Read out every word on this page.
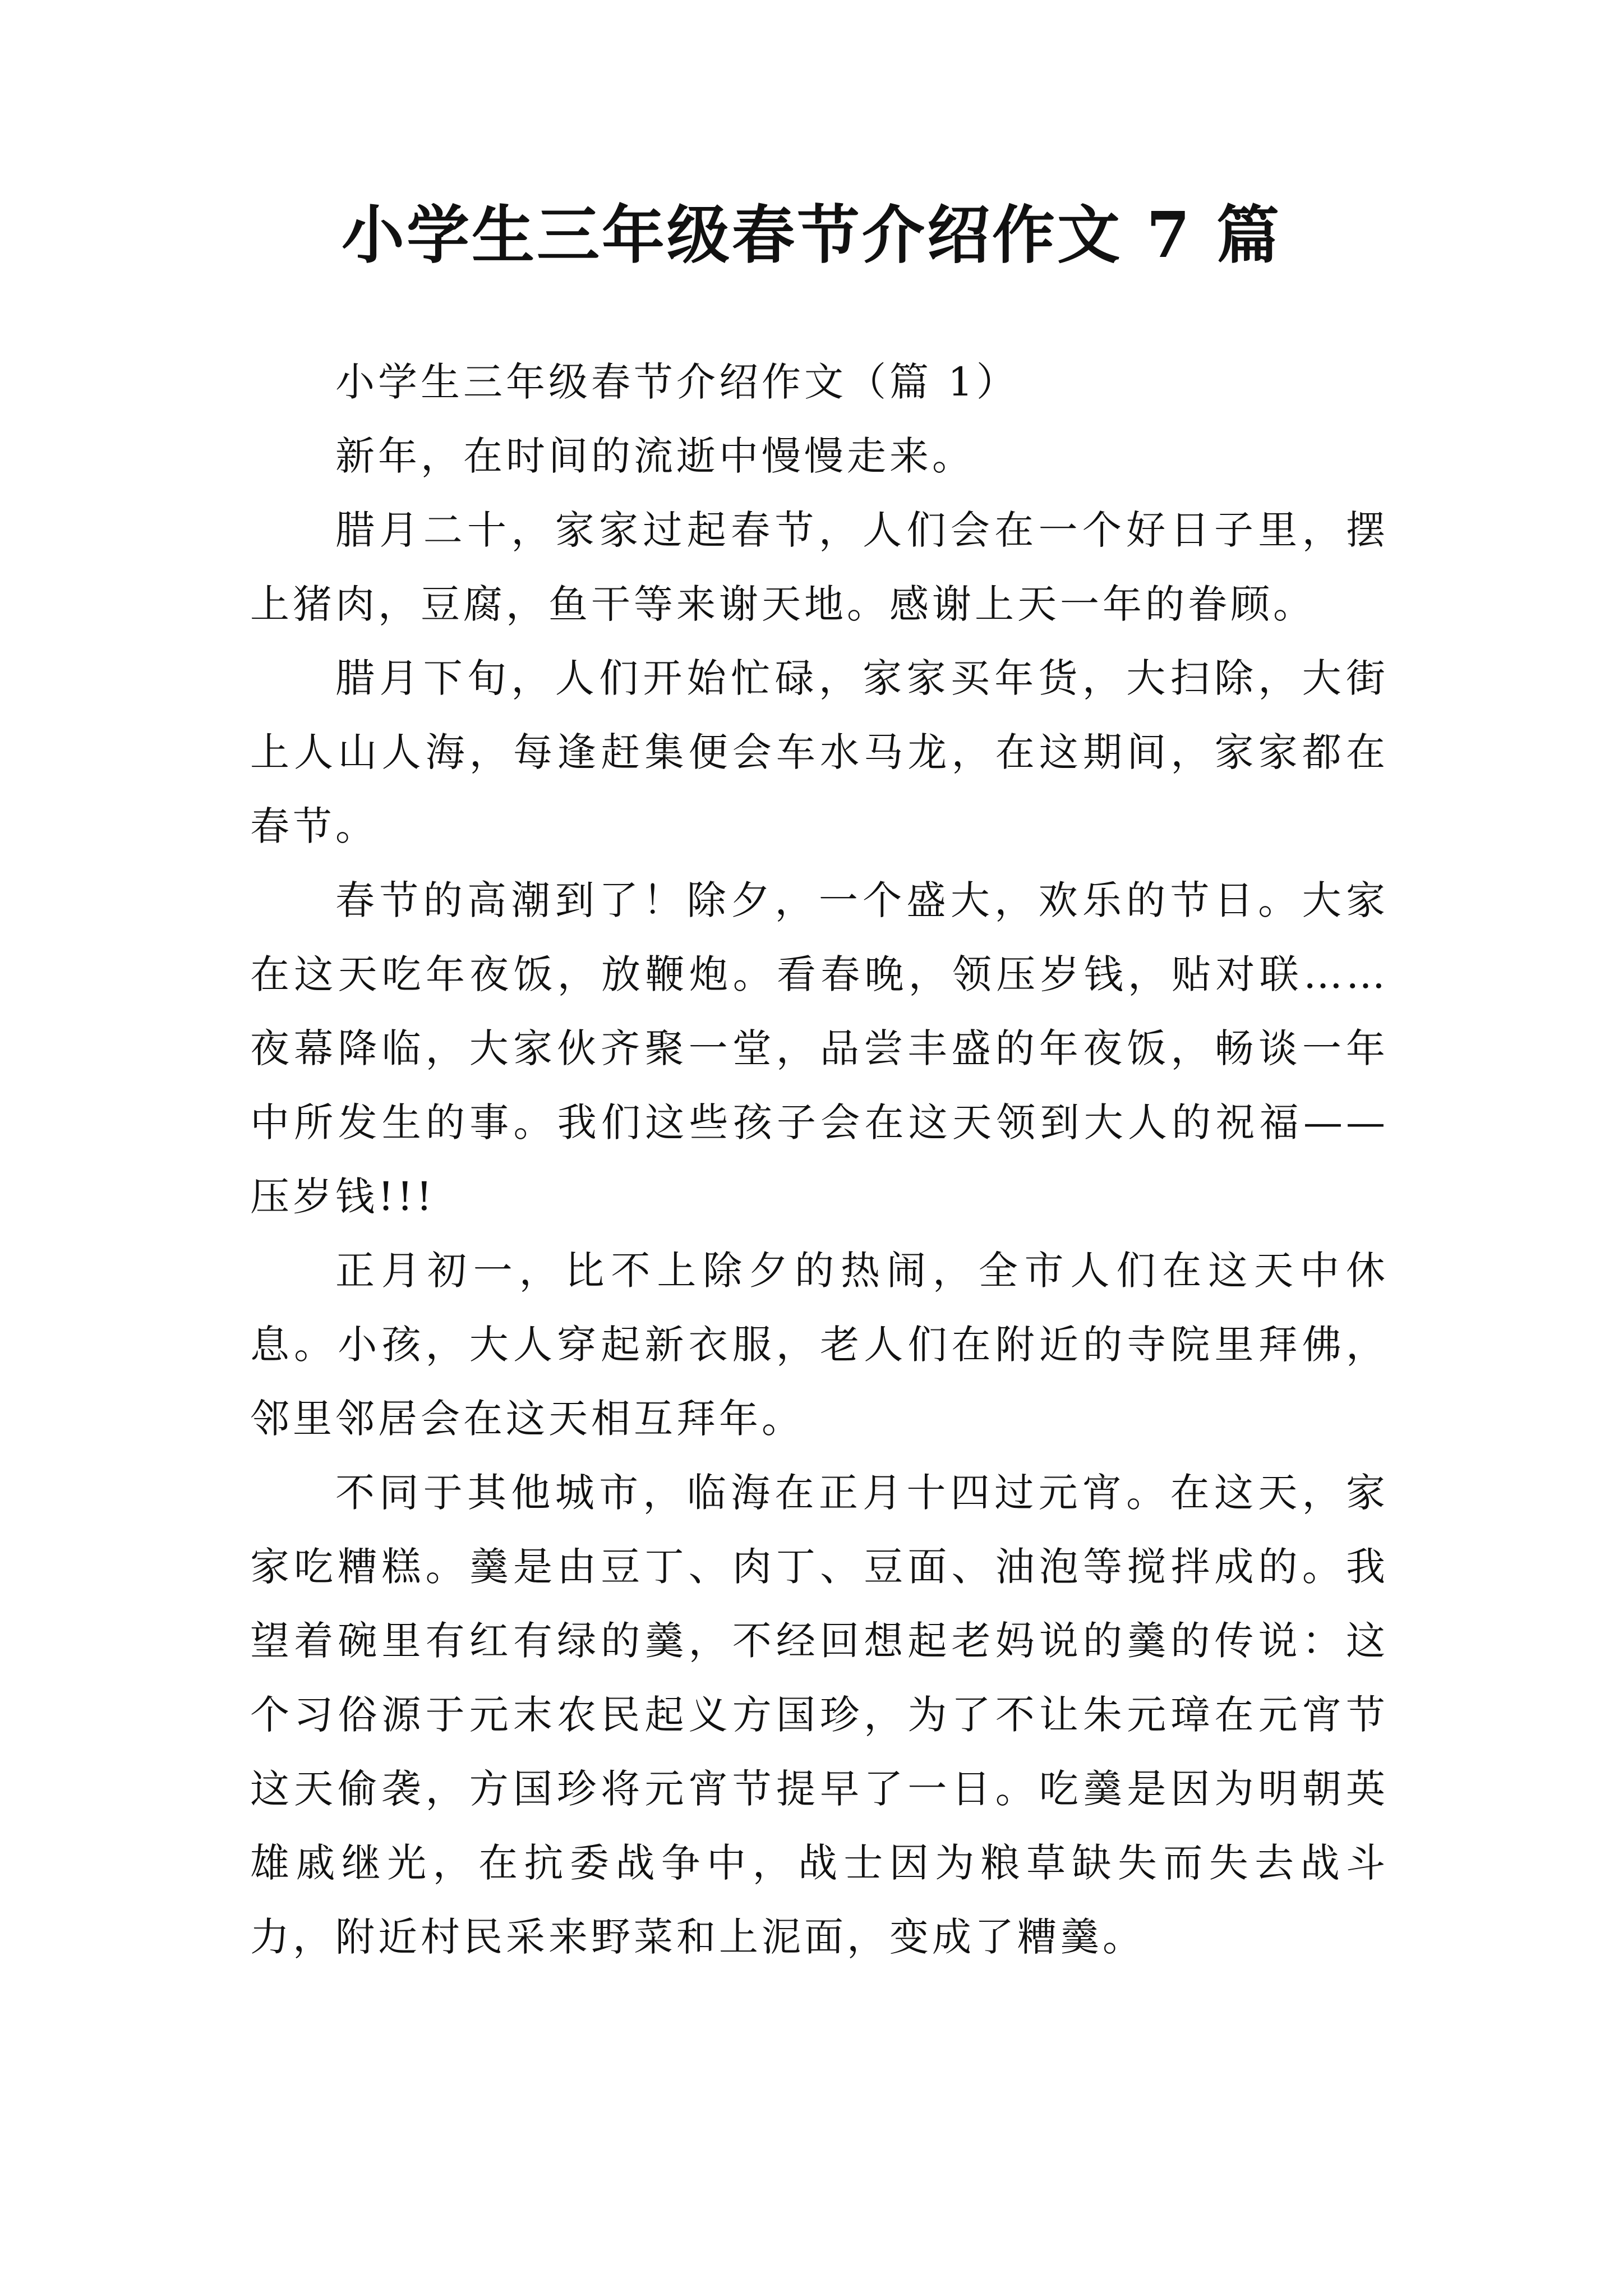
小学生三年级春节介绍作文 7 篇

小学生三年级春节介绍作文（篇 1）

新年，在时间的流逝中慢慢走来。

腊月二十，家家过起春节，人们会在一个好日子里，摆上猪肉，豆腐，鱼干等来谢天地。感谢上天一年的眷顾。

腊月下旬，人们开始忙碌，家家买年货，大扫除，大街上人山人海，每逢赶集便会车水马龙，在这期间，家家都在春节。

春节的高潮到了！除夕，一个盛大，欢乐的节日。大家在这天吃年夜饭，放鞭炮。看春晚，领压岁钱，贴对联……夜幕降临，大家伙齐聚一堂，品尝丰盛的年夜饭，畅谈一年中所发生的事。我们这些孩子会在这天领到大人的祝福——压岁钱!!!

正月初一，比不上除夕的热闹，全市人们在这天中休息。小孩，大人穿起新衣服，老人们在附近的寺院里拜佛，邻里邻居会在这天相互拜年。

不同于其他城市，临海在正月十四过元宵。在这天，家家吃糟糕。羹是由豆丁、肉丁、豆面、油泡等搅拌成的。我望着碗里有红有绿的羹，不经回想起老妈说的羹的传说：这个习俗源于元末农民起义方国珍，为了不让朱元璋在元宵节这天偷袭，方国珍将元宵节提早了一日。吃羹是因为明朝英雄戚继光，在抗委战争中，战士因为粮草缺失而失去战斗力，附近村民采来野菜和上泥面，变成了糟羹。
